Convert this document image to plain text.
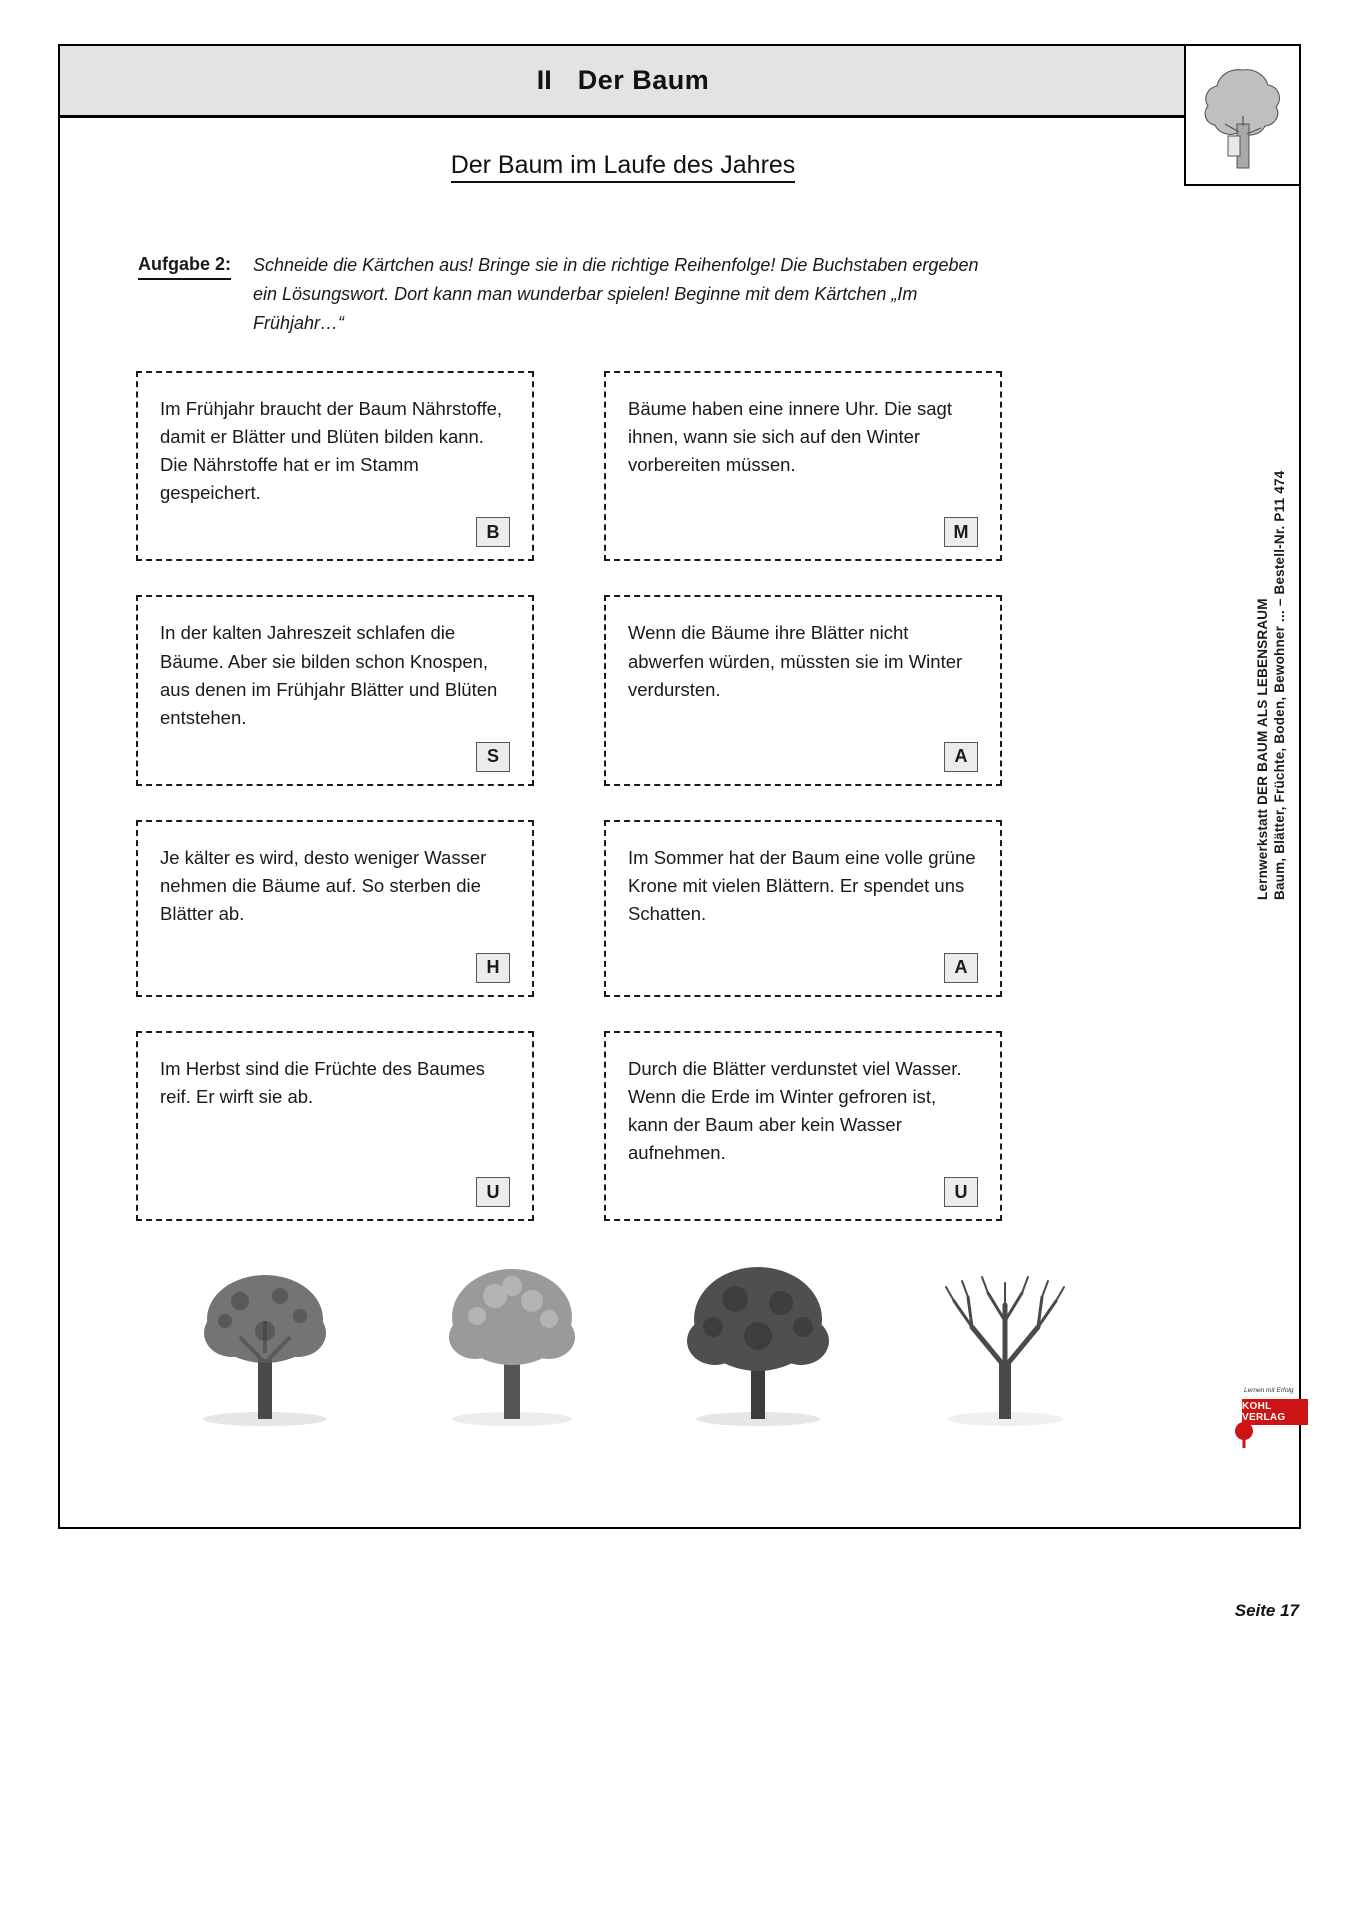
II Der Baum
Der Baum im Laufe des Jahres
Aufgabe 2: Schneide die Kärtchen aus! Bringe sie in die richtige Reihenfolge! Die Buchstaben ergeben ein Lösungswort. Dort kann man wunderbar spielen! Beginne mit dem Kärtchen „Im Frühjahr…“
Im Frühjahr braucht der Baum Nährstoffe, damit er Blätter und Blüten bilden kann. Die Nährstoffe hat er im Stamm gespeichert.
B
Bäume haben eine innere Uhr. Die sagt ihnen, wann sie sich auf den Winter vorbereiten müssen.
M
In der kalten Jahreszeit schlafen die Bäume. Aber sie bilden schon Knospen, aus denen im Frühjahr Blätter und Blüten entstehen.
S
Wenn die Bäume ihre Blätter nicht abwerfen würden, müssten sie im Winter verdursten.
A
Je kälter es wird, desto weniger Wasser nehmen die Bäume auf. So sterben die Blätter ab.
H
Im Sommer hat der Baum eine volle grüne Krone mit vielen Blättern. Er spendet uns Schatten.
A
Im Herbst sind die Früchte des Baumes reif. Er wirft sie ab.
U
Durch die Blätter verdunstet viel Wasser. Wenn die Erde im Winter gefroren ist, kann der Baum aber kein Wasser aufnehmen.
U
Seite 17
Lernwerkstatt DER BAUM ALS LEBENSRAUM Baum, Blätter, Früchte, Boden, Bewohner ... – Bestell-Nr. P11 474
Lernen mit Erfolg
KOHL VERLAG
